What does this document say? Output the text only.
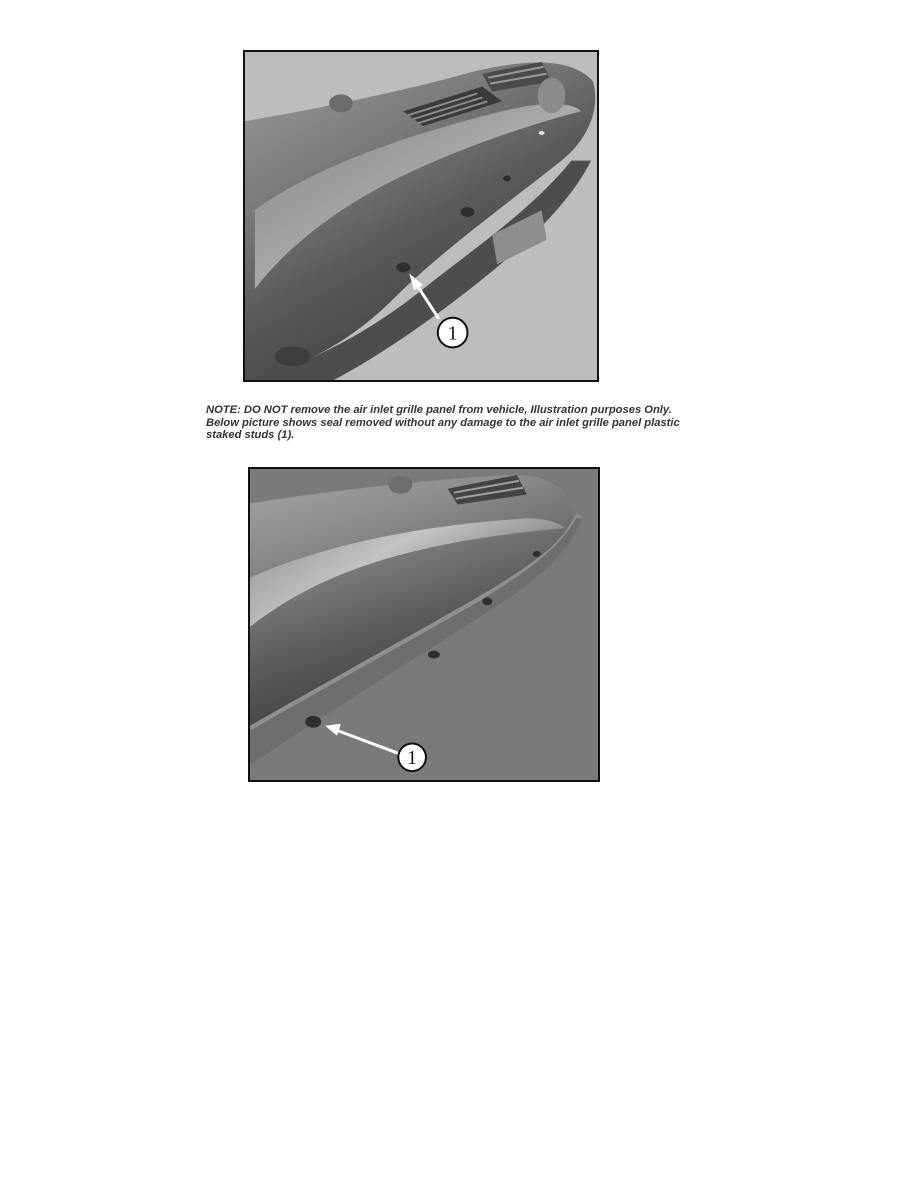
1

NOTE: DO NOT remove the air inlet grille panel from vehicle, Illustration purposes Only.

Below picture shows seal removed without any damage to the air inlet grille panel plastic

staked studs (1).

1
